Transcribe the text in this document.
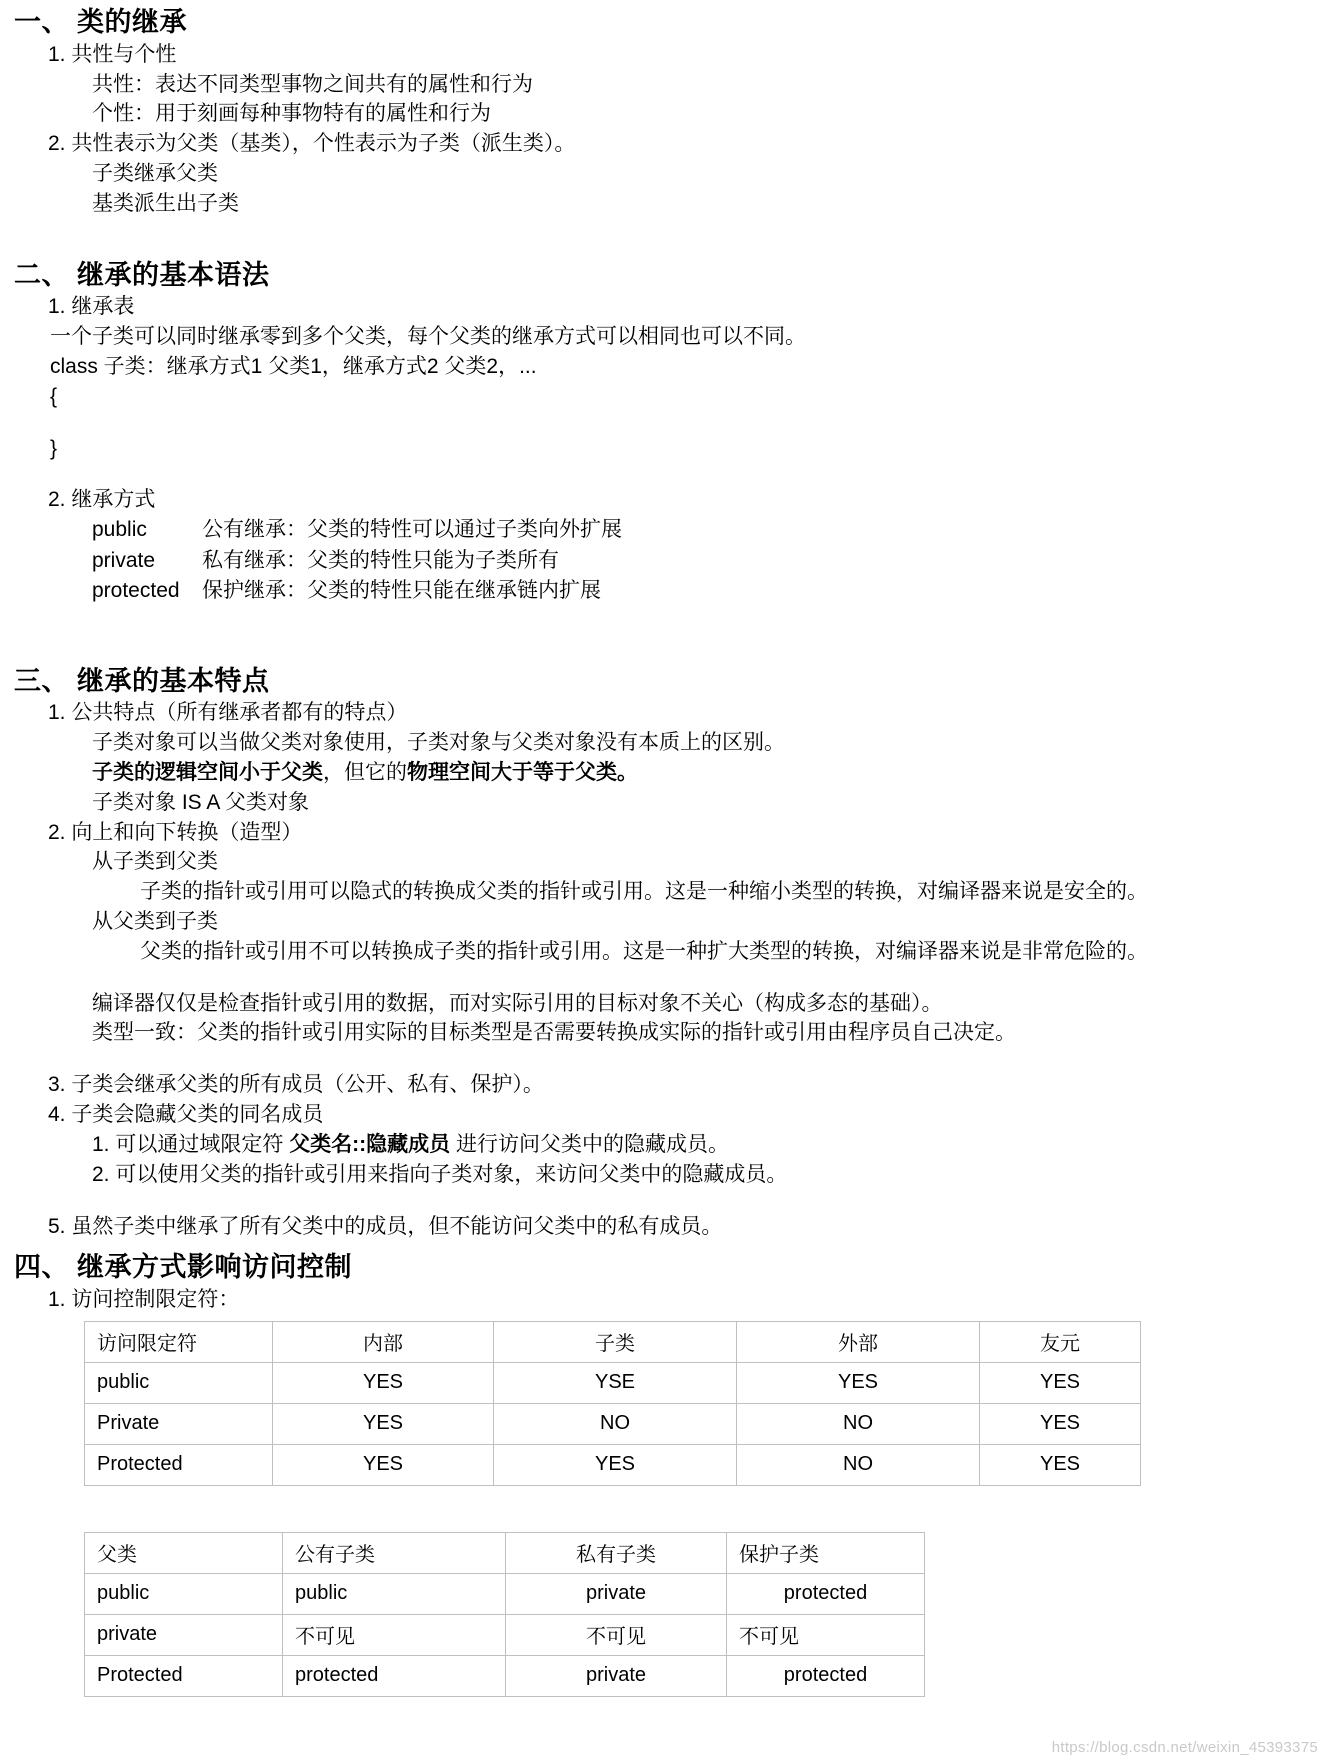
一、 类的继承
1. 共性与个性
共性：表达不同类型事物之间共有的属性和行为
个性：用于刻画每种事物特有的属性和行为
2. 共性表示为父类（基类），个性表示为子类（派生类）。
子类继承父类
基类派生出子类
二、 继承的基本语法
1. 继承表
一个子类可以同时继承零到多个父类，每个父类的继承方式可以相同也可以不同。
class 子类：继承方式1 父类1，继承方式2 父类2，...
{
}
2. 继承方式
public	公有继承：父类的特性可以通过子类向外扩展
private	私有继承：父类的特性只能为子类所有
protected	保护继承：父类的特性只能在继承链内扩展
三、 继承的基本特点
1. 公共特点（所有继承者都有的特点）
子类对象可以当做父类对象使用，子类对象与父类对象没有本质上的区别。
子类的逻辑空间小于父类，但它的物理空间大于等于父类。
子类对象 IS A 父类对象
2. 向上和向下转换（造型）
从子类到父类
子类的指针或引用可以隐式的转换成父类的指针或引用。这是一种缩小类型的转换，对编译器来说是安全的。
从父类到子类
父类的指针或引用不可以转换成子类的指针或引用。这是一种扩大类型的转换，对编译器来说是非常危险的。
编译器仅仅是检查指针或引用的数据，而对实际引用的目标对象不关心（构成多态的基础）。
类型一致：父类的指针或引用实际的目标类型是否需要转换成实际的指针或引用由程序员自己决定。
3. 子类会继承父类的所有成员（公开、私有、保护）。
4. 子类会隐藏父类的同名成员
1. 可以通过域限定符 父类名::隐藏成员 进行访问父类中的隐藏成员。
2. 可以使用父类的指针或引用来指向子类对象，来访问父类中的隐藏成员。
5. 虽然子类中继承了所有父类中的成员，但不能访问父类中的私有成员。
四、 继承方式影响访问控制
1. 访问控制限定符：
访问限定符	内部	子类	外部	友元
public	YES	YSE	YES	YES
Private	YES	NO	NO	YES
Protected	YES	YES	NO	YES
父类	公有子类	私有子类	保护子类
public	public	private	protected
private	不可见	不可见	不可见
Protected	protected	private	protected
https://blog.csdn.net/weixin_45393375
